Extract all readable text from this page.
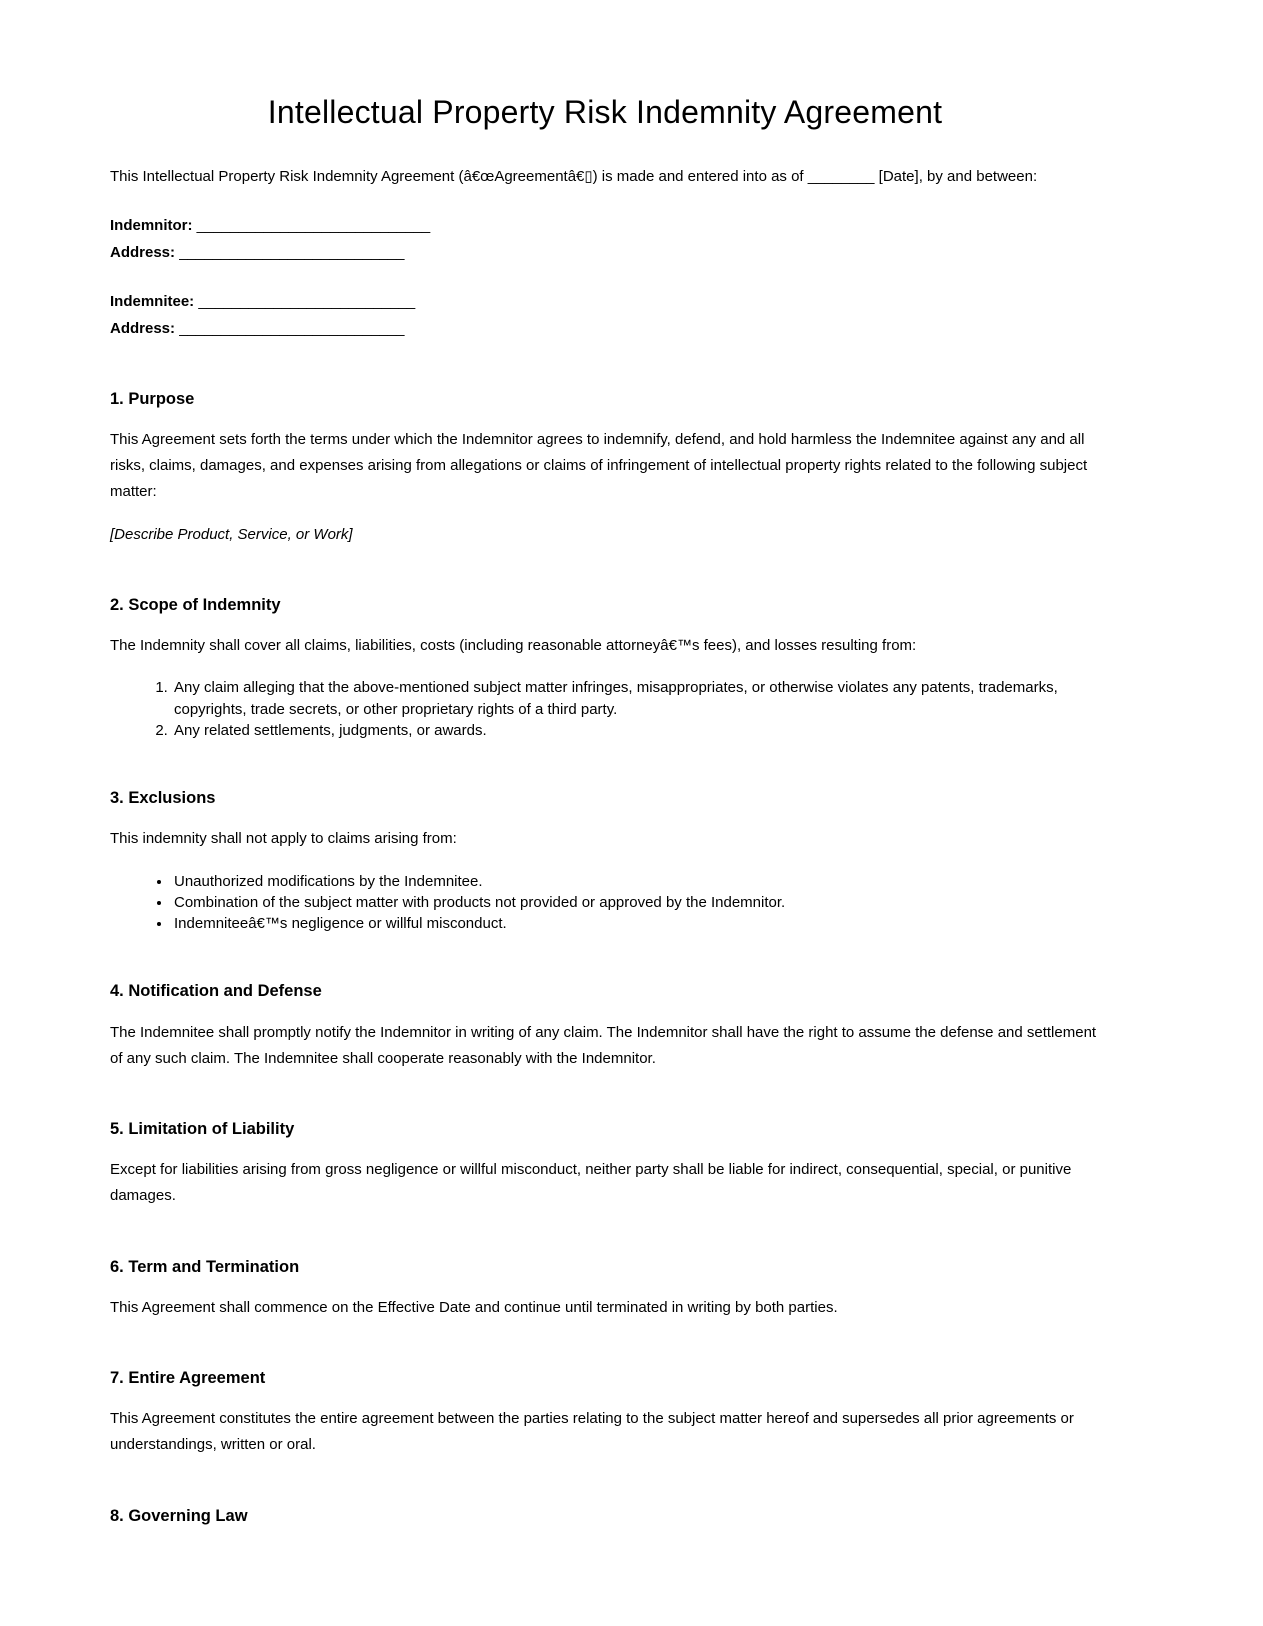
Intellectual Property Risk Indemnity Agreement

This Intellectual Property Risk Indemnity Agreement (â€œAgreementâ€▯) is made and entered into as of ________ [Date], by and between:

Indemnitor: ____________________________

Address: ___________________________

Indemnitee: __________________________

Address: ___________________________

1. Purpose

This Agreement sets forth the terms under which the Indemnitor agrees to indemnify, defend, and hold harmless the Indemnitee against any and all risks, claims, damages, and expenses arising from allegations or claims of infringement of intellectual property rights related to the following subject matter:

[Describe Product, Service, or Work]

2. Scope of Indemnity

The Indemnity shall cover all claims, liabilities, costs (including reasonable attorneyâ€™s fees), and losses resulting from:

1. Any claim alleging that the above-mentioned subject matter infringes, misappropriates, or otherwise violates any patents, trademarks, copyrights, trade secrets, or other proprietary rights of a third party.
2. Any related settlements, judgments, or awards.
3. Exclusions

This indemnity shall not apply to claims arising from:

• Unauthorized modifications by the Indemnitee.
• Combination of the subject matter with products not provided or approved by the Indemnitor.
• Indemniteeâ€™s negligence or willful misconduct.
4. Notification and Defense

The Indemnitee shall promptly notify the Indemnitor in writing of any claim. The Indemnitor shall have the right to assume the defense and settlement of any such claim. The Indemnitee shall cooperate reasonably with the Indemnitor.

5. Limitation of Liability

Except for liabilities arising from gross negligence or willful misconduct, neither party shall be liable for indirect, consequential, special, or punitive damages.

6. Term and Termination

This Agreement shall commence on the Effective Date and continue until terminated in writing by both parties.

7. Entire Agreement

This Agreement constitutes the entire agreement between the parties relating to the subject matter hereof and supersedes all prior agreements or understandings, written or oral.

8. Governing Law
